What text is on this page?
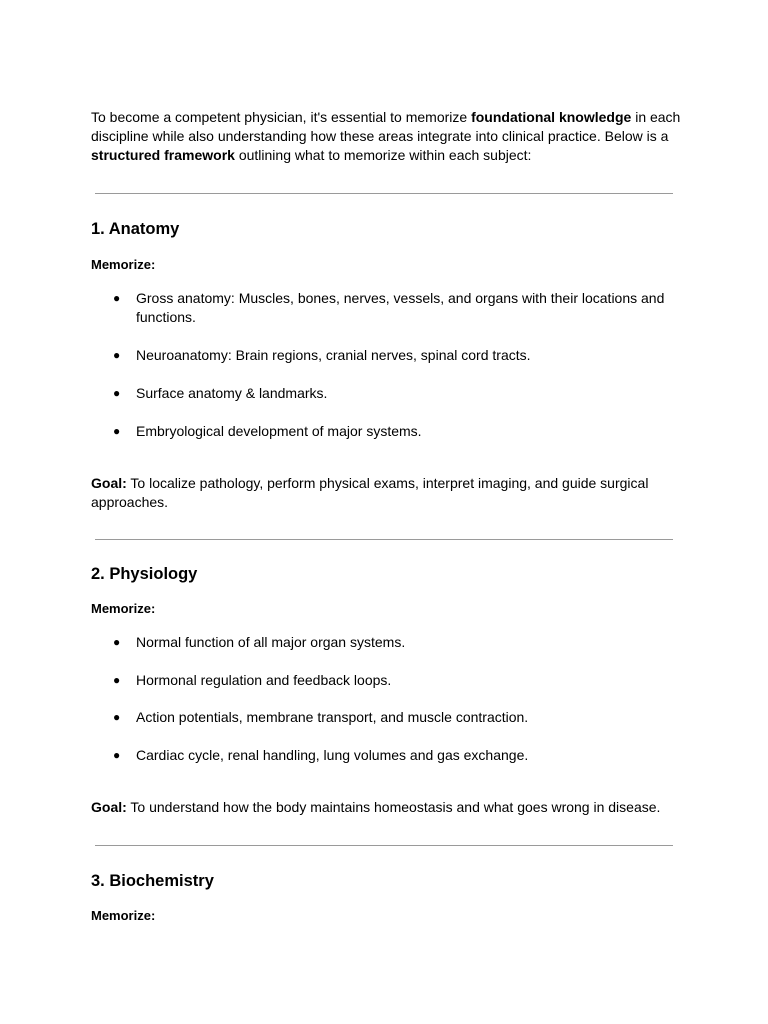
To become a competent physician, it's essential to memorize foundational knowledge in each discipline while also understanding how these areas integrate into clinical practice. Below is a structured framework outlining what to memorize within each subject:

1. Anatomy

Memorize:

● Gross anatomy: Muscles, bones, nerves, vessels, and organs with their locations and functions.
● Neuroanatomy: Brain regions, cranial nerves, spinal cord tracts.
● Surface anatomy & landmarks.
● Embryological development of major systems.

Goal: To localize pathology, perform physical exams, interpret imaging, and guide surgical approaches.

2. Physiology

Memorize:

● Normal function of all major organ systems.
● Hormonal regulation and feedback loops.
● Action potentials, membrane transport, and muscle contraction.
● Cardiac cycle, renal handling, lung volumes and gas exchange.

Goal: To understand how the body maintains homeostasis and what goes wrong in disease.

3. Biochemistry

Memorize:
